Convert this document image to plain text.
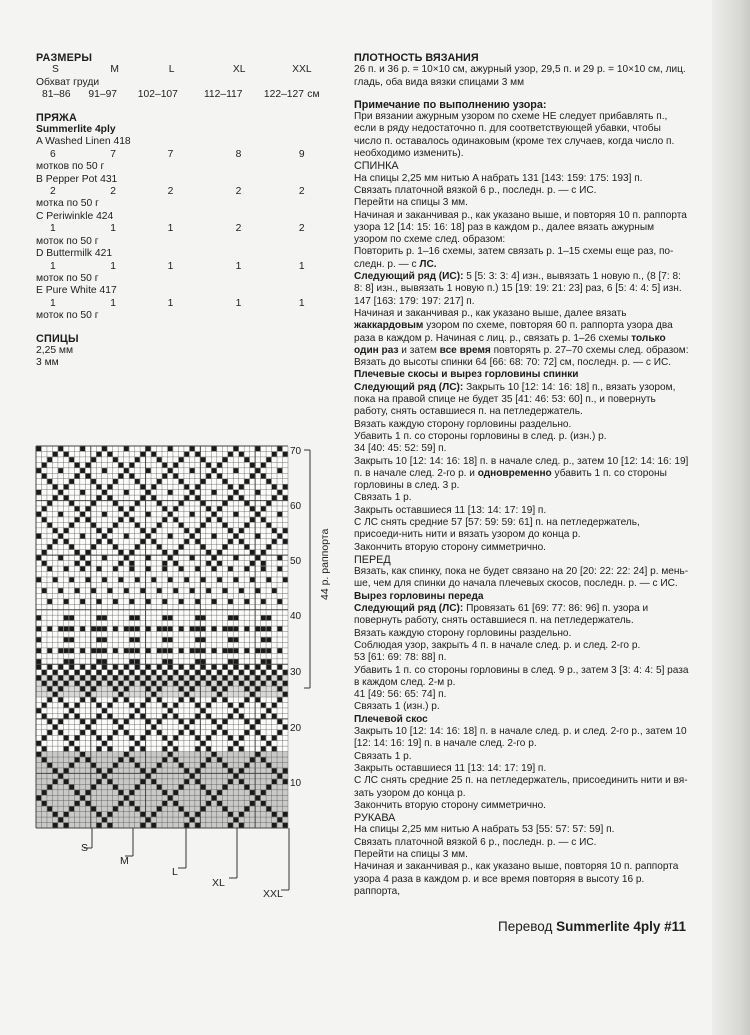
РАЗМЕРЫ
S	M	L	XL	XXL
Обхват груди
81–86	91–97	102–107	112–117	122–127 см
ПРЯЖА
Summerlite 4ply
A Washed Linen 418
6	7	7	8	9
мотков по 50 г
B Pepper Pot 431
2	2	2	2	2
мотка по 50 г
C Periwinkle 424
1	1	1	2	2
моток по 50 г
D Buttermilk 421
1	1	1	1	1
моток по 50 г
E Pure White 417
1	1	1	1	1
моток по 50 г
СПИЦЫ
2,25 мм
3 мм
70
60
50
40
30
20
10
44 р. раппорта
S
M
L
XL
XXL

ПЛОТНОСТЬ ВЯЗАНИЯ

26 п. и 36 р. = 10×10 см, ажурный узор, 29,5 п. и 29 р. = 10×10 см, лиц. гладь, оба вида вязки спицами 3 мм

Примечание по выполнению узора:

При вязании ажурным узором по схеме НЕ следует прибавлять п., если в ряду недостаточно п. для соответствующей убавки, чтобы число п. оставалось одинаковым (кроме тех случаев, когда число п. необходимо изменить).

СПИНКА

На спицы 2,25 мм нитью A набрать 131 [143: 159: 175: 193] п.

Связать платочной вязкой 6 р., последн. р. — с ИС.

Перейти на спицы 3 мм.

Начиная и заканчивая р., как указано выше, и повторяя 10 п. раппорта узора 12 [14: 15: 16: 18] раз в каждом р., далее вязать ажурным узором по схеме след. образом:

Повторить р. 1–16 схемы, затем связать р. 1–15 схемы еще раз, по-следн. р. — с ЛС.

Следующий ряд (ИС): 5 [5: 3: 3: 4] изн., вывязать 1 новую п., (8 [7: 8: 8: 8] изн., вывязать 1 новую п.) 15 [19: 19: 21: 23] раз, 6 [5: 4: 4: 5] изн. 147 [163: 179: 197: 217] п.

Начиная и заканчивая р., как указано выше, далее вязать жаккардовым узором по схеме, повторяя 60 п. раппорта узора два раза в каждом р. Начиная с лиц. р., связать р. 1–26 схемы только один раз и затем все время повторять р. 27–70 схемы след. образом:

Вязать до высоты спинки 64 [66: 68: 70: 72] см, последн. р. — с ИС.

Плечевые скосы и вырез горловины спинки

Следующий ряд (ЛС): Закрыть 10 [12: 14: 16: 18] п., вязать узором, пока на правой спице не будет 35 [41: 46: 53: 60] п., и повернуть работу, снять оставшиеся п. на петледержатель.

Вязать каждую сторону горловины раздельно.

Убавить 1 п. со стороны горловины в след. р. (изн.) р.

34 [40: 45: 52: 59] п.

Закрыть 10 [12: 14: 16: 18] п. в начале след. р., затем 10 [12: 14: 16: 19] п. в начале след. 2-го р. и одновременно убавить 1 п. со стороны горловины в след. 3 р.

Связать 1 р.

Закрыть оставшиеся 11 [13: 14: 17: 19] п.

С ЛС снять средние 57 [57: 59: 59: 61] п. на петледержатель, присоеди-нить нити и вязать узором до конца р.

Закончить вторую сторону симметрично.

ПЕРЕД

Вязать, как спинку, пока не будет связано на 20 [20: 22: 22: 24] р. мень-ше, чем для спинки до начала плечевых скосов, последн. р. — с ИС.

Вырез горловины переда

Следующий ряд (ЛС): Провязать 61 [69: 77: 86: 96] п. узора и повернуть работу, снять оставшиеся п. на петледержатель.

Вязать каждую сторону горловины раздельно.

Соблюдая узор, закрыть 4 п. в начале след. р. и след. 2-го р.

53 [61: 69: 78: 88] п.

Убавить 1 п. со стороны горловины в след. 9 р., затем 3 [3: 4: 4: 5] раза в каждом след. 2-м р.

41 [49: 56: 65: 74] п.

Связать 1 (изн.) р.

Плечевой скос

Закрыть 10 [12: 14: 16: 18] п. в начале след. р. и след. 2-го р., затем 10 [12: 14: 16: 19] п. в начале след. 2-го р.

Связать 1 р.

Закрыть оставшиеся 11 [13: 14: 17: 19] п.

С ЛС снять средние 25 п. на петледержатель, присоединить нити и вя-зать узором до конца р.

Закончить вторую сторону симметрично.

РУКАВА

На спицы 2,25 мм нитью A набрать 53 [55: 57: 57: 59] п.

Связать платочной вязкой 6 р., последн. р. — с ИС.

Перейти на спицы 3 мм.

Начиная и заканчивая р., как указано выше, повторяя 10 п. раппорта узора 4 раза в каждом р. и все время повторяя в высоту 16 р. раппорта,

Перевод Summerlite 4ply #11
